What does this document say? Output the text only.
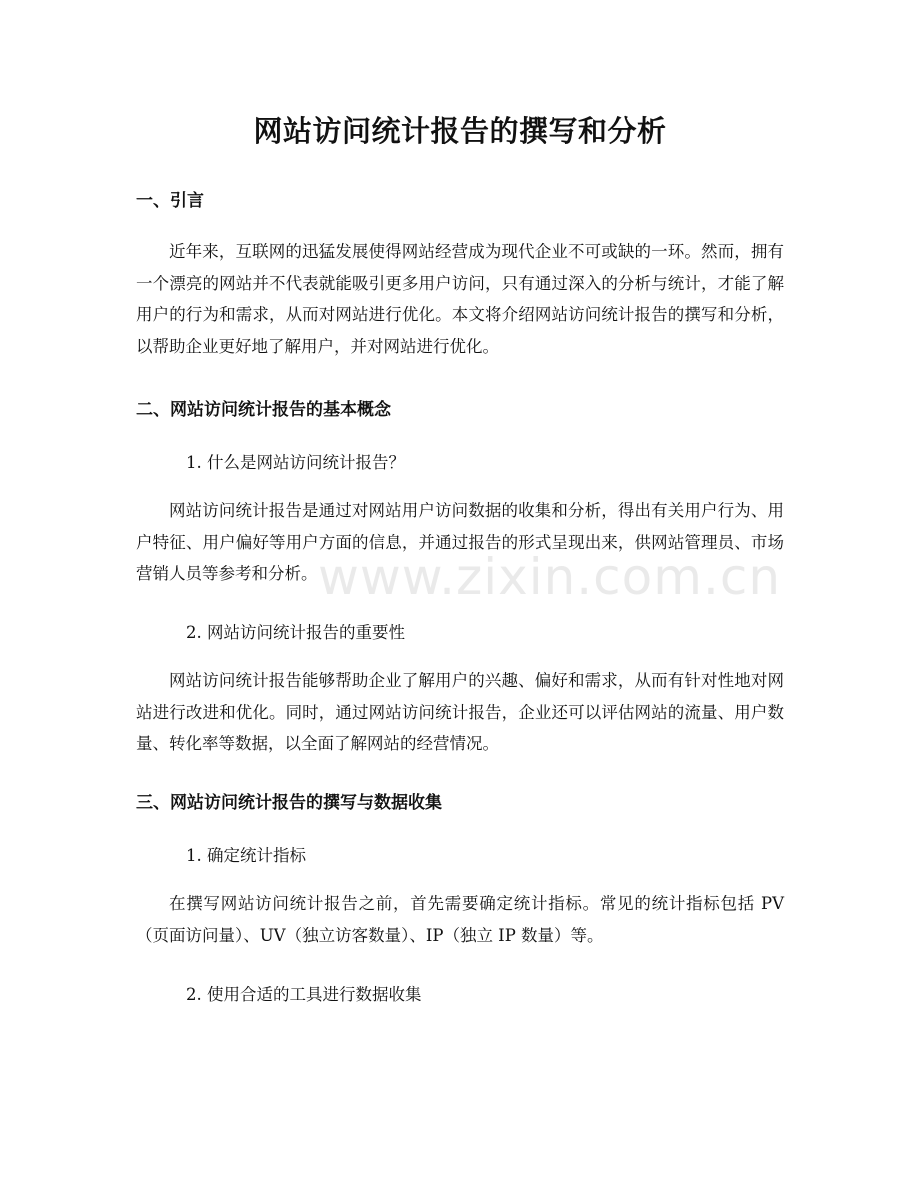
网站访问统计报告的撰写和分析
一、引言
近年来，互联网的迅猛发展使得网站经营成为现代企业不可或缺的一环。然而，拥有一个漂亮的网站并不代表就能吸引更多用户访问，只有通过深入的分析与统计，才能了解用户的行为和需求，从而对网站进行优化。本文将介绍网站访问统计报告的撰写和分析，以帮助企业更好地了解用户，并对网站进行优化。
二、网站访问统计报告的基本概念
1. 什么是网站访问统计报告？
网站访问统计报告是通过对网站用户访问数据的收集和分析，得出有关用户行为、用户特征、用户偏好等用户方面的信息，并通过报告的形式呈现出来，供网站管理员、市场营销人员等参考和分析。
2. 网站访问统计报告的重要性
网站访问统计报告能够帮助企业了解用户的兴趣、偏好和需求，从而有针对性地对网站进行改进和优化。同时，通过网站访问统计报告，企业还可以评估网站的流量、用户数量、转化率等数据，以全面了解网站的经营情况。
三、网站访问统计报告的撰写与数据收集
1. 确定统计指标
在撰写网站访问统计报告之前，首先需要确定统计指标。常见的统计指标包括 PV（页面访问量）、UV（独立访客数量）、IP（独立 IP 数量）等。
2. 使用合适的工具进行数据收集
www.zixin.com.cn
